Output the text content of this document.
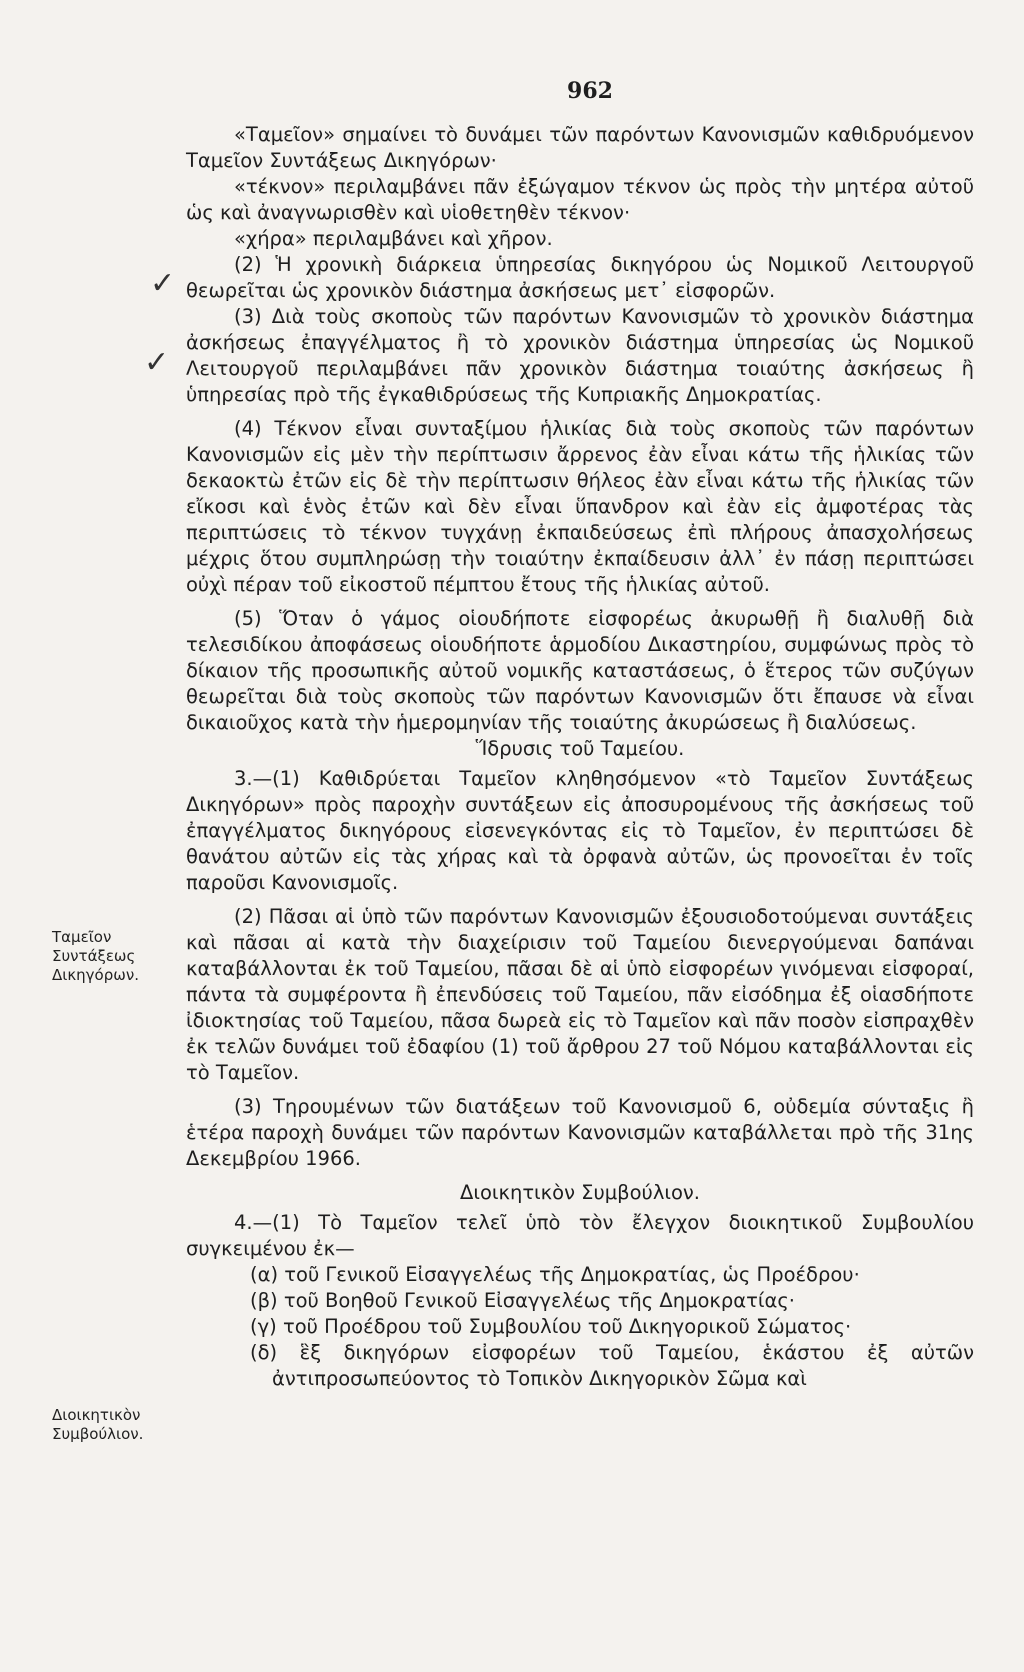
962
✓
✓
Ταμεῖον
Συντάξεως
Δικηγόρων.
Διοικητικὸν
Συμβούλιον.

«Ταμεῖον» σημαίνει τὸ δυνάμει τῶν παρόντων Κανονισμῶν καθιδρυόμενον Ταμεῖον Συντάξεως Δικηγόρων·

«τέκνον» περιλαμβάνει πᾶν ἐξώγαμον τέκνον ὡς πρὸς τὴν μητέρα αὐτοῦ ὡς καὶ ἀναγνωρισθὲν καὶ υἱοθετηθὲν τέκνον·

«χήρα» περιλαμβάνει καὶ χῆρον.

(2) Ἡ χρονικὴ διάρκεια ὑπηρεσίας δικηγόρου ὡς Νομικοῦ Λειτουργοῦ θεωρεῖται ὡς χρονικὸν διάστημα ἀσκήσεως μετ᾿ εἰσφορῶν.

(3) Διὰ τοὺς σκοποὺς τῶν παρόντων Κανονισμῶν τὸ χρονικὸν διάστημα ἀσκήσεως ἐπαγγέλματος ἢ τὸ χρονικὸν διάστημα ὑπηρεσίας ὡς Νομικοῦ Λειτουργοῦ περιλαμβάνει πᾶν χρονικὸν διάστημα τοιαύτης ἀσκήσεως ἢ ὑπηρεσίας πρὸ τῆς ἐγκαθιδρύσεως τῆς Κυπριακῆς Δημοκρατίας.

(4) Τέκνον εἶναι συνταξίμου ἡλικίας διὰ τοὺς σκοποὺς τῶν παρόντων Κανονισμῶν εἰς μὲν τὴν περίπτωσιν ἄρρενος ἐὰν εἶναι κάτω τῆς ἡλικίας τῶν δεκαοκτὼ ἐτῶν εἰς δὲ τὴν περίπτωσιν θήλεος ἐὰν εἶναι κάτω τῆς ἡλικίας τῶν εἴκοσι καὶ ἑνὸς ἐτῶν καὶ δὲν εἶναι ὕπανδρον καὶ ἐὰν εἰς ἀμφοτέρας τὰς περιπτώσεις τὸ τέκνον τυγχάνῃ ἐκπαιδεύσεως ἐπὶ πλήρους ἀπασχολήσεως μέχρις ὅτου συμπληρώσῃ τὴν τοιαύτην ἐκπαίδευσιν ἀλλ᾿ ἐν πάσῃ περιπτώσει οὐχὶ πέραν τοῦ εἰκοστοῦ πέμπτου ἔτους τῆς ἡλικίας αὐτοῦ.

(5) Ὅταν ὁ γάμος οἱουδήποτε εἰσφορέως ἀκυρωθῇ ἢ διαλυθῇ διὰ τελεσιδίκου ἀποφάσεως οἱουδήποτε ἁρμοδίου Δικαστηρίου, συμφώνως πρὸς τὸ δίκαιον τῆς προσωπικῆς αὐτοῦ νομικῆς καταστάσεως, ὁ ἕτερος τῶν συζύγων θεωρεῖται διὰ τοὺς σκοποὺς τῶν παρόντων Κανονισμῶν ὅτι ἔπαυσε νὰ εἶναι δικαιοῦχος κατὰ τὴν ἡμερομηνίαν τῆς τοιαύτης ἀκυρώσεως ἢ διαλύσεως.

Ἵδρυσις τοῦ Ταμείου.

3.—(1) Καθιδρύεται Ταμεῖον κληθησόμενον «τὸ Ταμεῖον Συντάξεως Δικηγόρων» πρὸς παροχὴν συντάξεων εἰς ἀποσυρομένους τῆς ἀσκήσεως τοῦ ἐπαγγέλματος δικηγόρους εἰσενεγκόντας εἰς τὸ Ταμεῖον, ἐν περιπτώσει δὲ θανάτου αὐτῶν εἰς τὰς χήρας καὶ τὰ ὀρφανὰ αὐτῶν, ὡς προνοεῖται ἐν τοῖς παροῦσι Κανονισμοῖς.

(2) Πᾶσαι αἱ ὑπὸ τῶν παρόντων Κανονισμῶν ἐξουσιοδοτούμεναι συντάξεις καὶ πᾶσαι αἱ κατὰ τὴν διαχείρισιν τοῦ Ταμείου διενεργούμεναι δαπάναι καταβάλλονται ἐκ τοῦ Ταμείου, πᾶσαι δὲ αἱ ὑπὸ εἰσφορέων γινόμεναι εἰσφοραί, πάντα τὰ συμφέροντα ἢ ἐπενδύσεις τοῦ Ταμείου, πᾶν εἰσόδημα ἐξ οἱασδήποτε ἰδιοκτησίας τοῦ Ταμείου, πᾶσα δωρεὰ εἰς τὸ Ταμεῖον καὶ πᾶν ποσὸν εἰσπραχθὲν ἐκ τελῶν δυνάμει τοῦ ἐδαφίου (1) τοῦ ἄρθρου 27 τοῦ Νόμου καταβάλλονται εἰς τὸ Ταμεῖον.

(3) Τηρουμένων τῶν διατάξεων τοῦ Κανονισμοῦ 6, οὐδεμία σύνταξις ἢ ἑτέρα παροχὴ δυνάμει τῶν παρόντων Κανονισμῶν καταβάλλεται πρὸ τῆς 31ης Δεκεμβρίου 1966.

Διοικητικὸν Συμβούλιον.

4.—(1) Τὸ Ταμεῖον τελεῖ ὑπὸ τὸν ἔλεγχον διοικητικοῦ Συμβουλίου συγκειμένου ἐκ—

(α) τοῦ Γενικοῦ Εἰσαγγελέως τῆς Δημοκρατίας, ὡς Προέδρου·

(β) τοῦ Βοηθοῦ Γενικοῦ Εἰσαγγελέως τῆς Δημοκρατίας·

(γ) τοῦ Προέδρου τοῦ Συμβουλίου τοῦ Δικηγορικοῦ Σώματος·

(δ) ἓξ δικηγόρων εἰσφορέων τοῦ Ταμείου, ἑκάστου ἐξ αὐτῶν ἀντιπροσωπεύοντος τὸ Τοπικὸν Δικηγορικὸν Σῶμα καὶ
